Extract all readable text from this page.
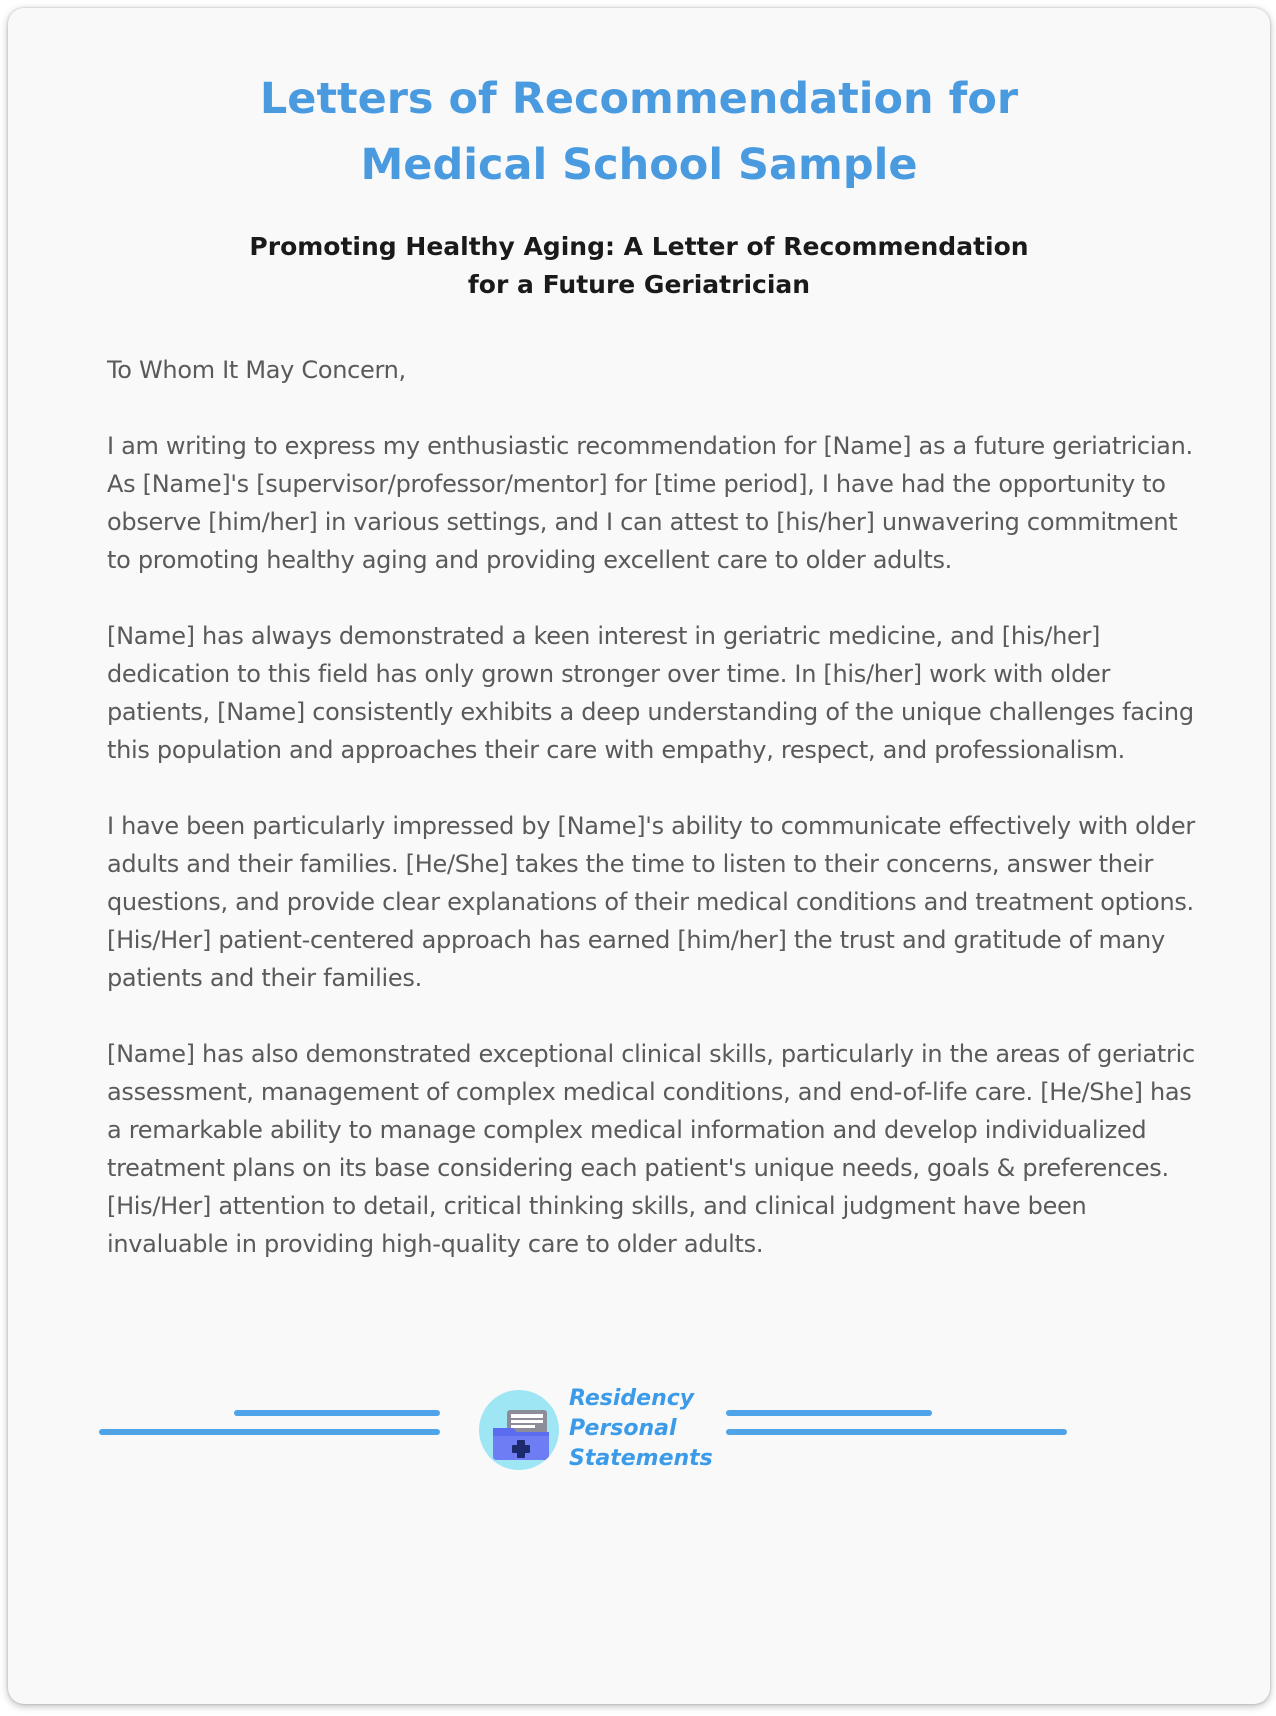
Letters of Recommendation for
Medical School Sample
Promoting Healthy Aging: A Letter of Recommendation
for a Future Geriatrician

To Whom It May Concern,

I am writing to express my enthusiastic recommendation for [Name] as a future geriatrician. As [Name]'s [supervisor/professor/mentor] for [time period], I have had the opportunity to observe [him/her] in various settings, and I can attest to [his/her] unwavering commitment to promoting healthy aging and providing excellent care to older adults.

[Name] has always demonstrated a keen interest in geriatric medicine, and [his/her] dedication to this field has only grown stronger over time. In [his/her] work with older patients, [Name] consistently exhibits a deep understanding of the unique challenges facing this population and approaches their care with empathy, respect, and professionalism.

I have been particularly impressed by [Name]'s ability to communicate effectively with older adults and their families. [He/She] takes the time to listen to their concerns, answer their questions, and provide clear explanations of their medical conditions and treatment options. [His/Her] patient-centered approach has earned [him/her] the trust and gratitude of many patients and their families.

[Name] has also demonstrated exceptional clinical skills, particularly in the areas of geriatric assessment, management of complex medical conditions, and end-of-life care. [He/She] has a remarkable ability to manage complex medical information and develop individualized treatment plans on its base considering each patient's unique needs, goals & preferences. [His/Her] attention to detail, critical thinking skills, and clinical judgment have been invaluable in providing high-quality care to older adults.

Residency
Personal
Statements
